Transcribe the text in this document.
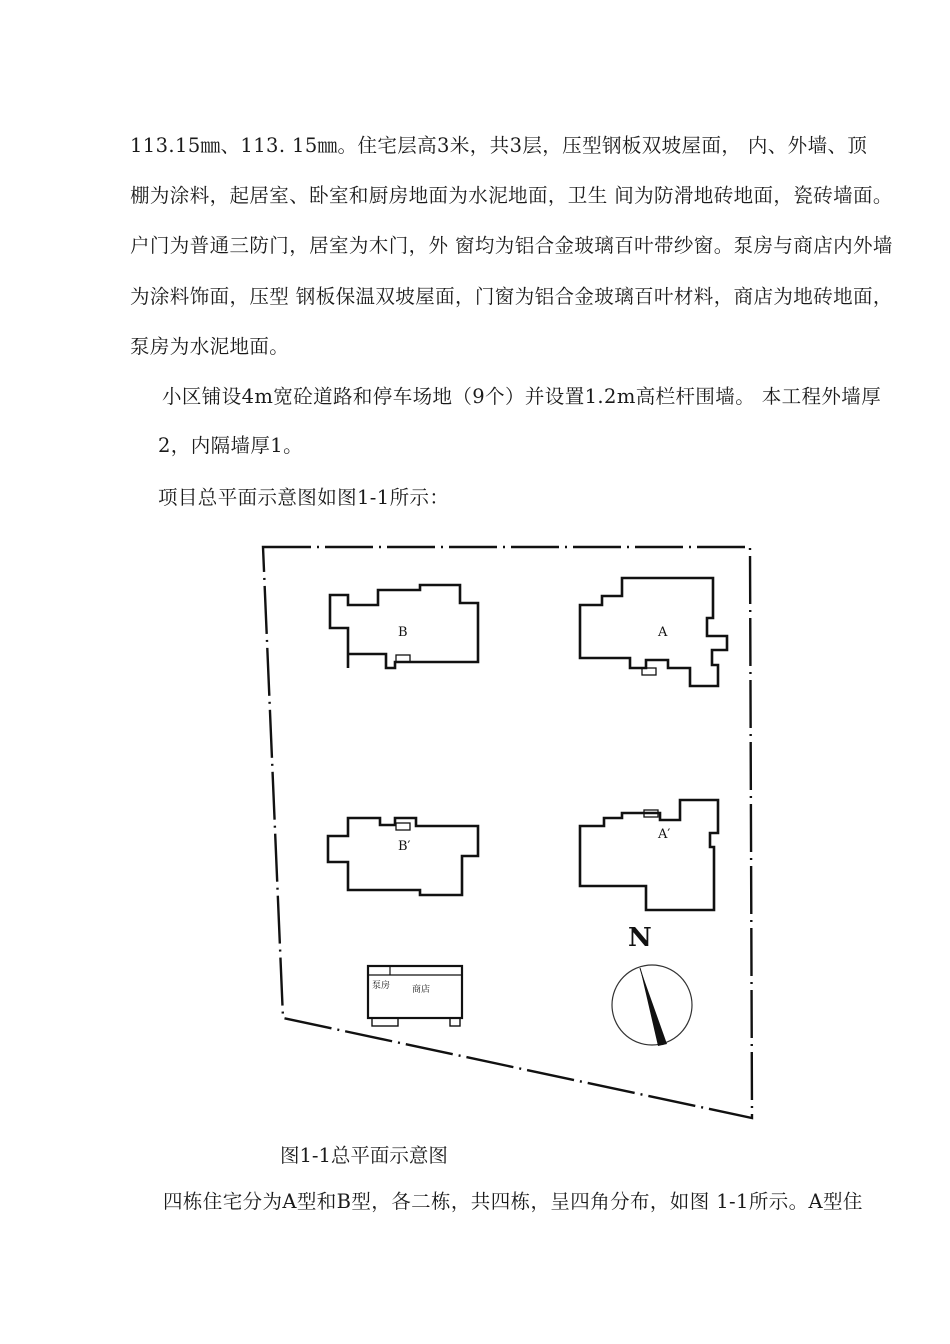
113.15㎜、113. 15㎜。住宅层高3米，共3层，压型钢板双坡屋面， 内、外墙、顶
棚为涂料，起居室、卧室和厨房地面为水泥地面，卫生 间为防滑地砖地面，瓷砖墙面。
户门为普通三防门，居室为木门，外 窗均为铝合金玻璃百叶带纱窗。泵房与商店内外墙
为涂料饰面，压型 钢板保温双坡屋面，门窗为铝合金玻璃百叶材料，商店为地砖地面，
泵房为水泥地面。
小区铺设4m宽砼道路和停车场地（9个）并设置1.2m高栏杆围墙。 本工程外墙厚
2，内隔墙厚1。
项目总平面示意图如图1-1所示：
B	A
B′
A′
泵房 商店
N
图1-1总平面示意图
四栋住宅分为A型和B型，各二栋，共四栋，呈四角分布，如图 1-1所示。A型住
